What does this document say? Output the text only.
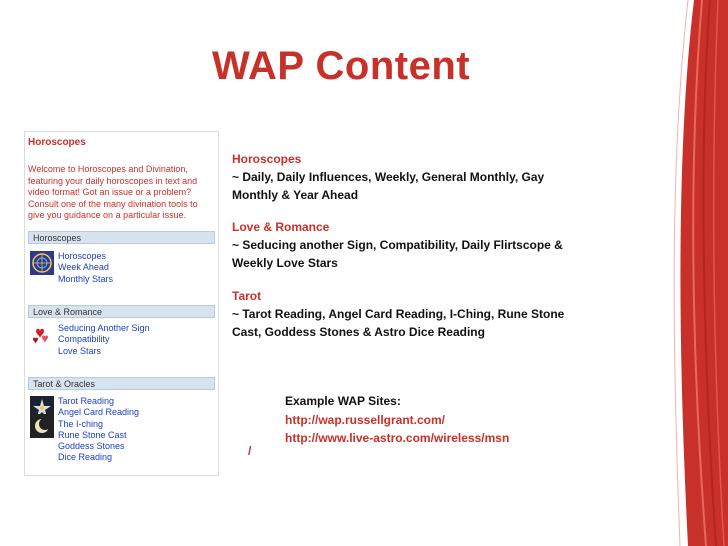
WAP Content
Horoscopes
Welcome to Horoscopes and Divination, featuring your daily horoscopes in text and video format! Got an issue or a problem? Consult one of the many divination tools to give you guidance on a particular issue.
Horoscopes
Horoscopes
Week Ahead
Monthly Stars
Love & Romance
Seducing Another Sign
Compatibility
Love Stars
Tarot & Oracles
Tarot Reading
Angel Card Reading
The I-ching
Rune Stone Cast
Goddess Stones
Dice Reading
Horoscopes
~ Daily, Daily Influences, Weekly, General Monthly, Gay Monthly & Year Ahead
Love & Romance
~ Seducing another Sign, Compatibility, Daily Flirtscope & Weekly Love Stars
Tarot
~ Tarot Reading, Angel Card Reading, I-Ching, Rune Stone Cast, Goddess Stones & Astro Dice Reading
Example WAP Sites:
http://wap.russellgrant.com/
http://www.live-astro.com/wireless/msn
/
